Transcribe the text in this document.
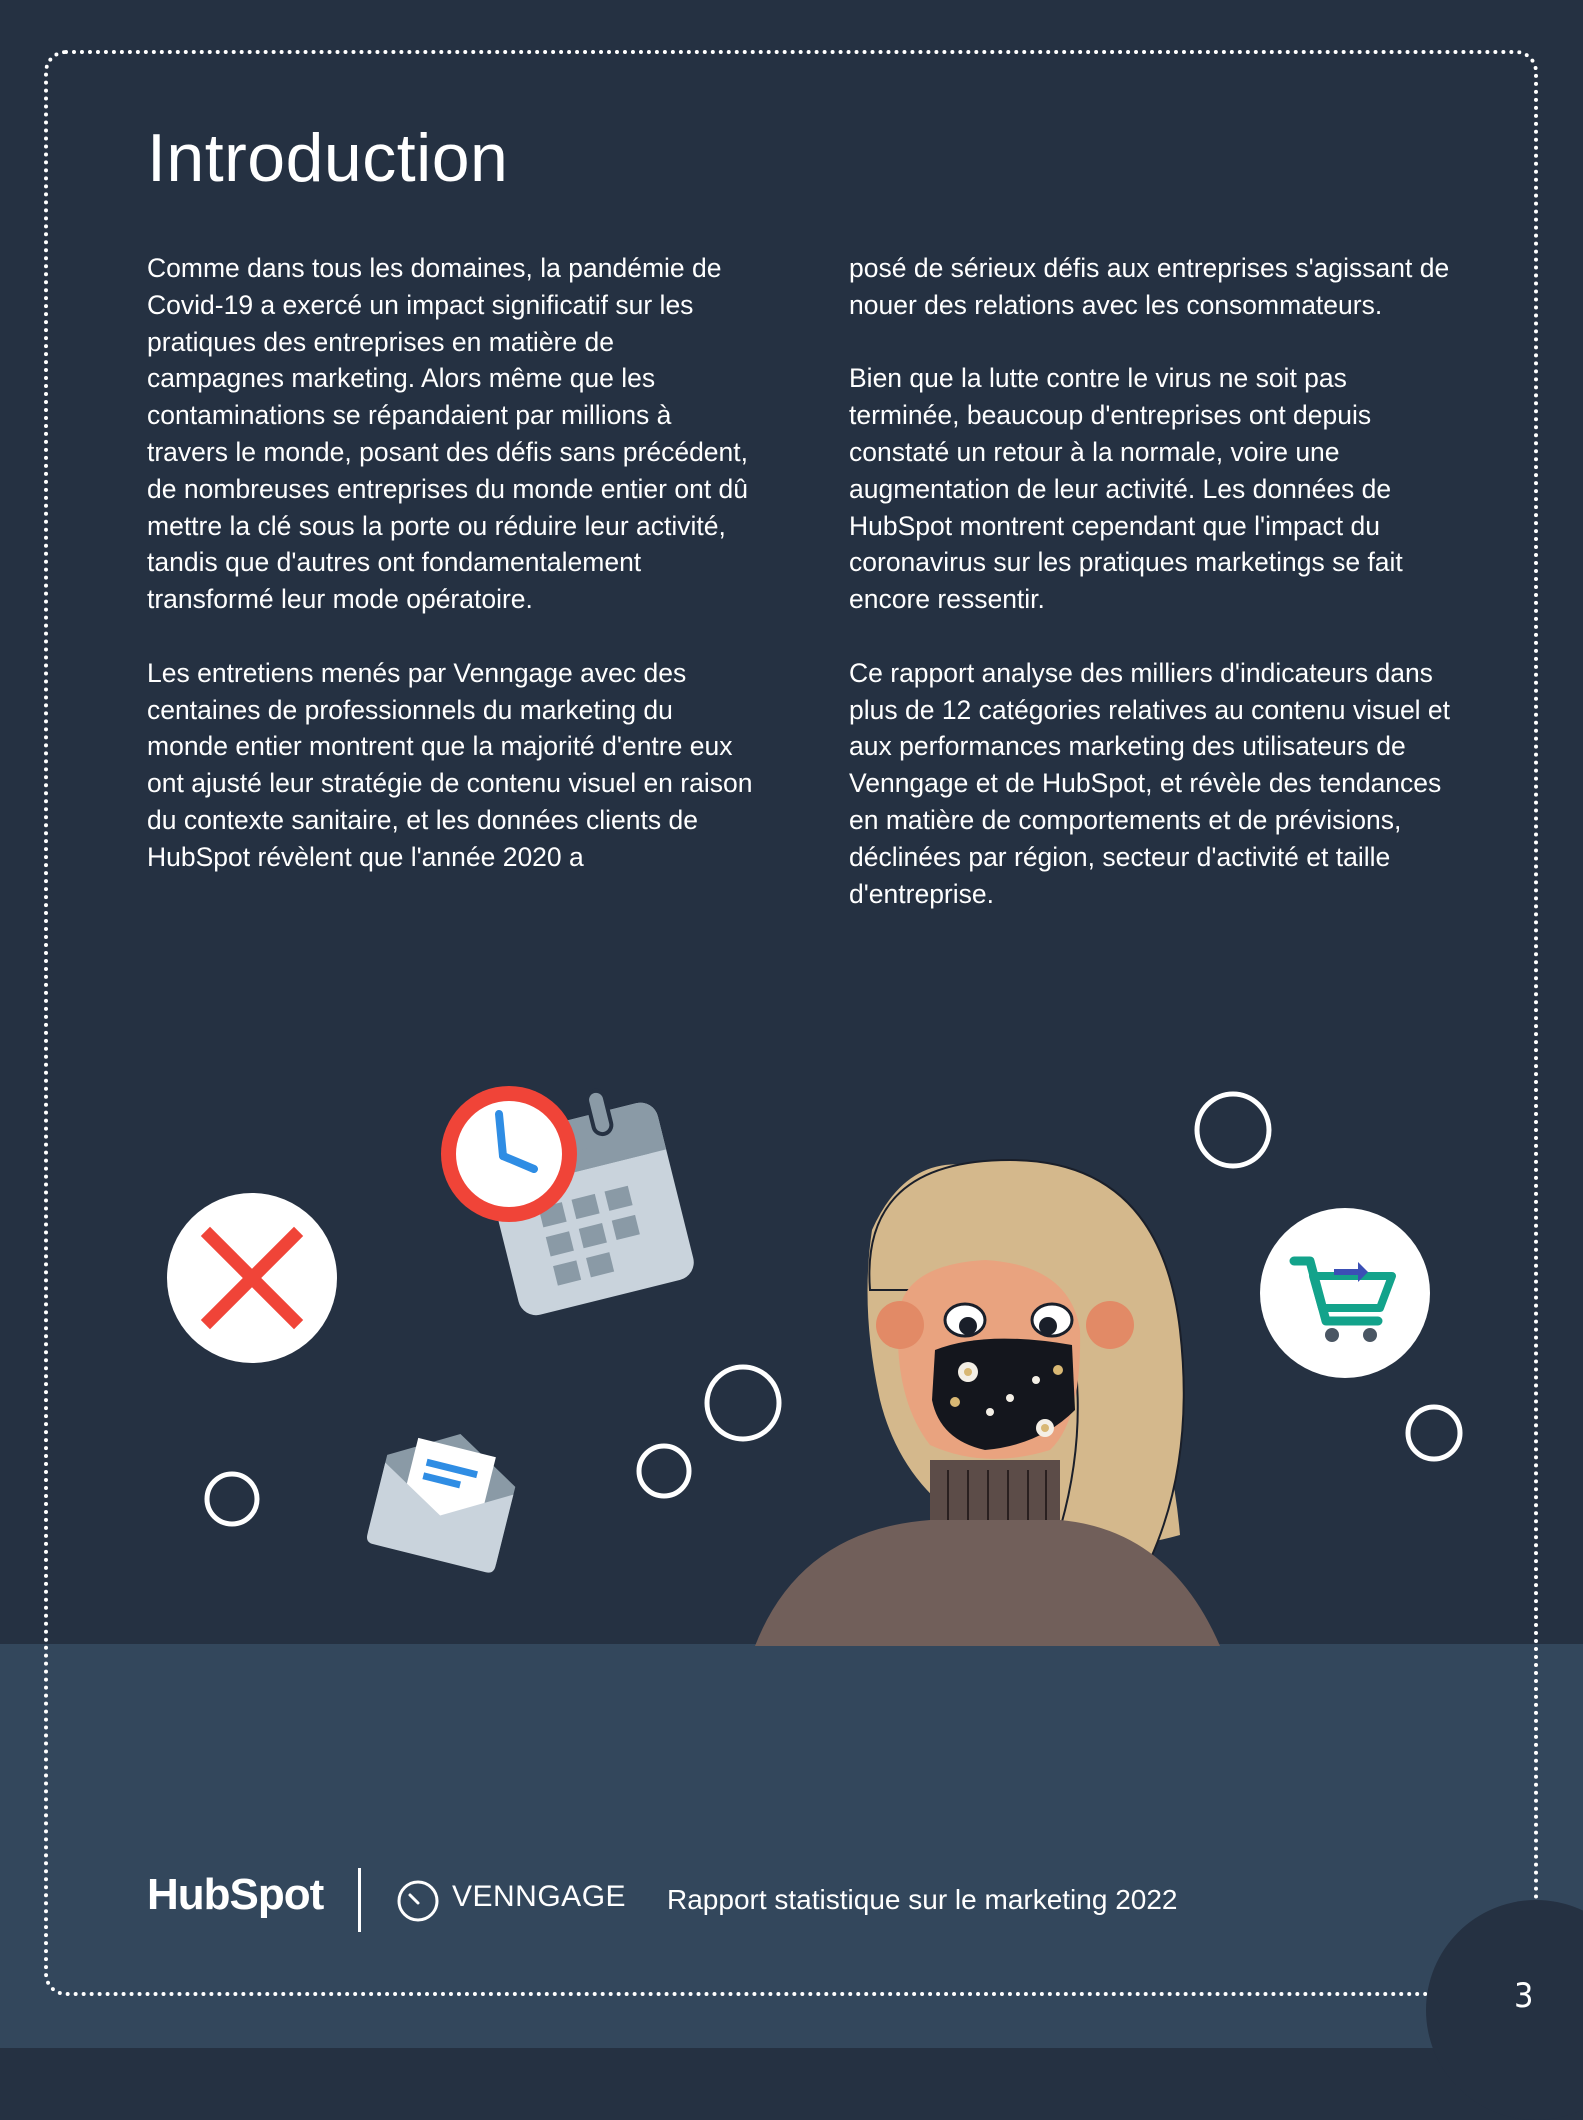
Introduction

Comme dans tous les domaines, la pandémie de Covid-19 a exercé un impact significatif sur les pratiques des entreprises en matière de campagnes marketing. Alors même que les contaminations se répandaient par millions à travers le monde, posant des défis sans précédent, de nombreuses entreprises du monde entier ont dû mettre la clé sous la porte ou réduire leur activité, tandis que d'autres ont fondamentalement transformé leur mode opératoire.

Les entretiens menés par Venngage avec des centaines de professionnels du marketing du monde entier montrent que la majorité d'entre eux ont ajusté leur stratégie de contenu visuel en raison du contexte sanitaire, et les données clients de HubSpot révèlent que l'année 2020 a

posé de sérieux défis aux entreprises s'agissant de nouer des relations avec les consommateurs.

Bien que la lutte contre le virus ne soit pas terminée, beaucoup d'entreprises ont depuis constaté un retour à la normale, voire une augmentation de leur activité. Les données de HubSpot montrent cependant que l'impact du coronavirus sur les pratiques marketings se fait encore ressentir.

Ce rapport analyse des milliers d'indicateurs dans plus de 12 catégories relatives au contenu visuel et aux performances marketing des utilisateurs de Venngage et de HubSpot, et révèle des tendances en matière de comportements et de prévisions, déclinées par région, secteur d'activité et taille d'entreprise.

HubSpot	VENNGAGE Rapport statistique sur le marketing 2022
3
